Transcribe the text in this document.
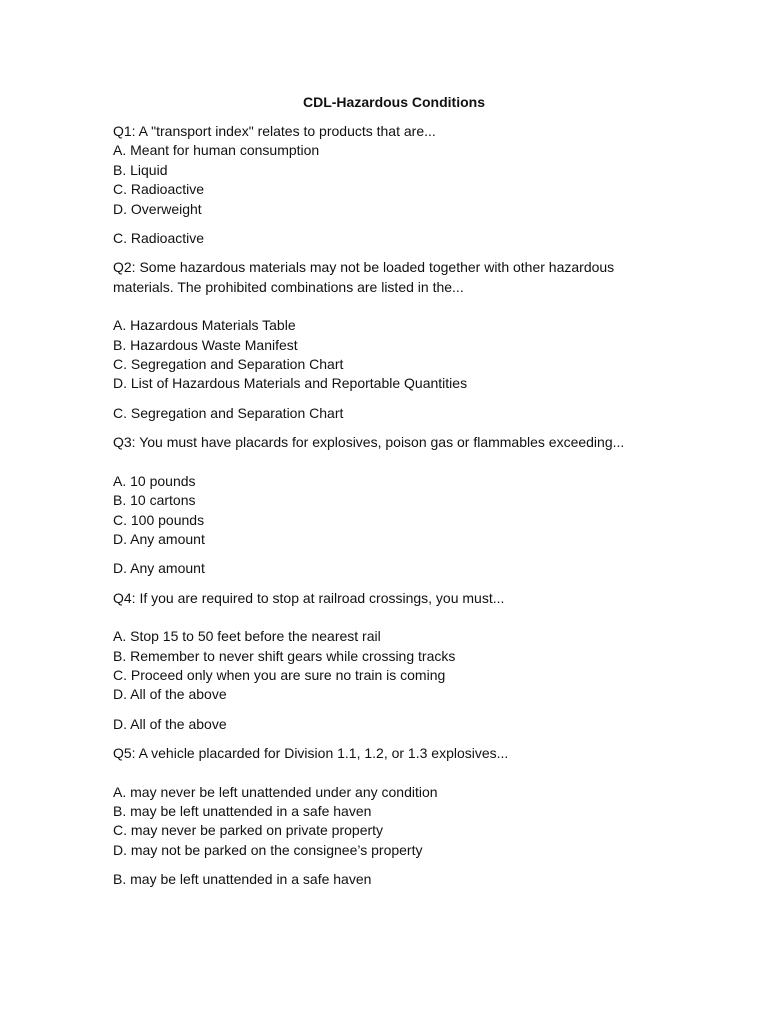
CDL-Hazardous Conditions

Q1: A "transport index" relates to products that are...

A. Meant for human consumption
B. Liquid
C. Radioactive
D. Overweight

C. Radioactive

Q2: Some hazardous materials may not be loaded together with other hazardous materials. The prohibited combinations are listed in the...

A. Hazardous Materials Table
B. Hazardous Waste Manifest
C. Segregation and Separation Chart
D. List of Hazardous Materials and Reportable Quantities

C. Segregation and Separation Chart

Q3: You must have placards for explosives, poison gas or flammables exceeding...

A. 10 pounds
B. 10 cartons
C. 100 pounds
D. Any amount

D. Any amount

Q4: If you are required to stop at railroad crossings, you must...

A. Stop 15 to 50 feet before the nearest rail
B. Remember to never shift gears while crossing tracks
C. Proceed only when you are sure no train is coming
D. All of the above

D. All of the above

Q5: A vehicle placarded for Division 1.1, 1.2, or 1.3 explosives...

A. may never be left unattended under any condition
B. may be left unattended in a safe haven
C. may never be parked on private property
D. may not be parked on the consignee’s property

B. may be left unattended in a safe haven
